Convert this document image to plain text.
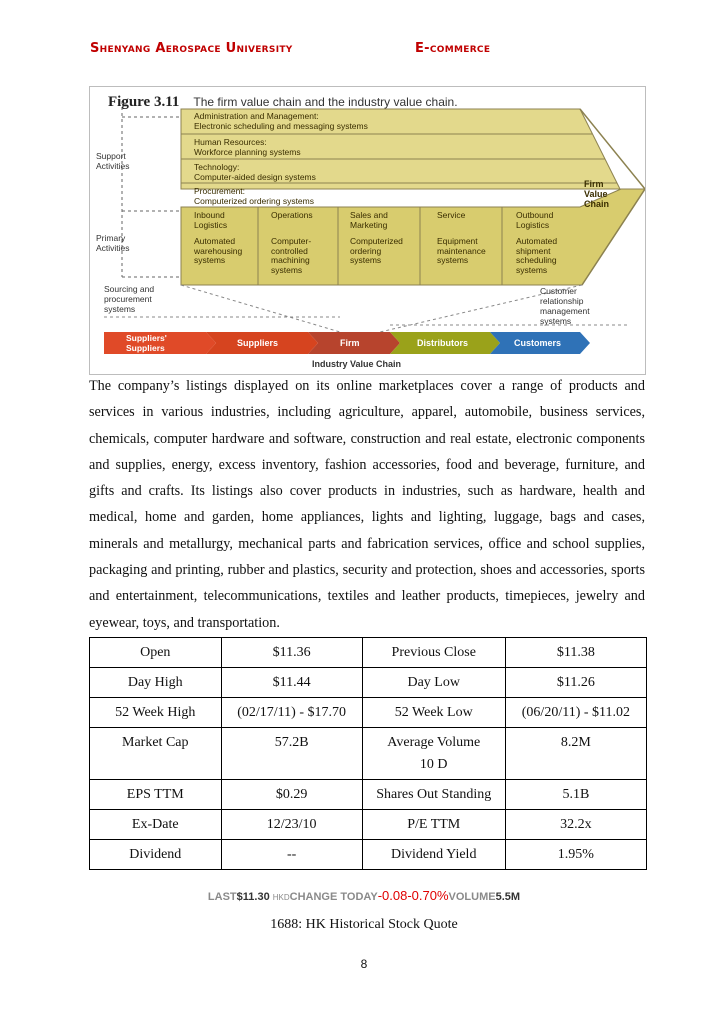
Shenyang Aerospace University	E-commerce
Figure 3.11 The firm value chain and the industry value chain.
Support
Activities
Primary
Activities
Administration and Management:
Electronic scheduling and messaging systems
Human Resources:
Workforce planning systems
Technology:
Computer-aided design systems
Procurement:
Computerized ordering systems
Firm
Value
Chain
Inbound
Logistics
Automated
warehousing
systems
Operations
Computer-
controlled
machining
systems
Sales and
Marketing
Computerized
ordering
systems
Service
Equipment
maintenance
systems
Outbound
Logistics
Automated
shipment
scheduling
systems
Sourcing and
procurement
systems
Customer
relationship
management
systems
Suppliers'
Suppliers	Suppliers	Firm	Distributors	Customers
Industry Value Chain
The company’s listings displayed on its online marketplaces cover a range of products and services in various industries, including agriculture, apparel, automobile, business services, chemicals, computer hardware and software, construction and real estate, electronic components and supplies, energy, excess inventory, fashion accessories, food and beverage, furniture, and gifts and crafts. Its listings also cover products in industries, such as hardware, health and medical, home and garden, home appliances, lights and lighting, luggage, bags and cases, minerals and metallurgy, mechanical parts and fabrication services, office and school supplies, packaging and printing, rubber and plastics, security and protection, shoes and accessories, sports and entertainment, telecommunications, textiles and leather products, timepieces, jewelry and eyewear, toys, and transportation.
Open	$11.36	Previous Close	$11.38
Day High	$11.44	Day Low	$11.26
52 Week High	(02/17/11) - $17.70	52 Week Low	(06/20/11) - $11.02
Market Cap	57.2B	Average Volume 10 D	8.2M
EPS TTM	$0.29	Shares Out Standing	5.1B
Ex-Date	12/23/10	P/E TTM	32.2x
Dividend	--	Dividend Yield	1.95%
LAST$11.30 HKDCHANGE TODAY-0.08-0.70%VOLUME5.5M
1688: HK Historical Stock Quote
8
